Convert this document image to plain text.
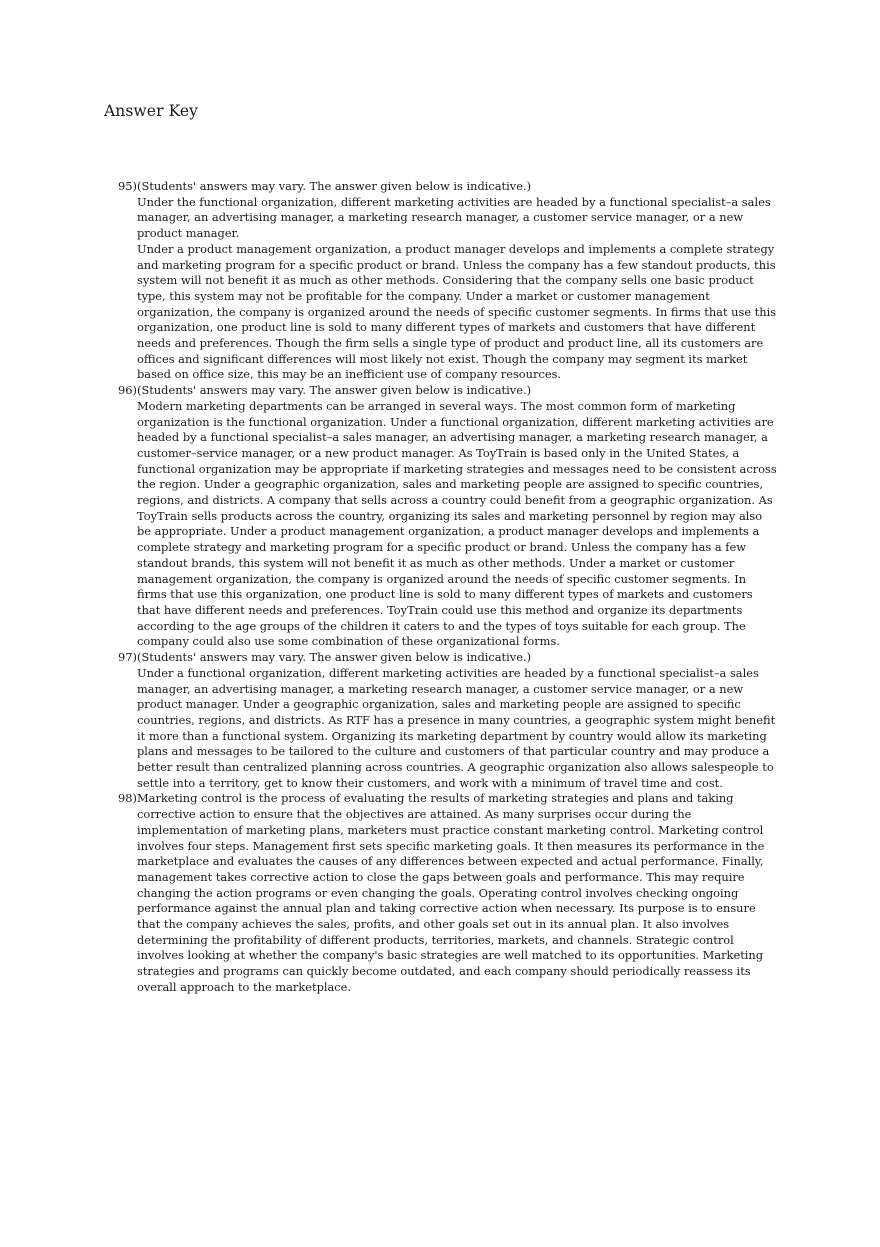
Answer Key
95) (Students' answers may vary. The answer given below is indicative.)

Under the functional organization, different marketing activities are headed by a functional specialist–a sales manager, an advertising manager, a marketing research manager, a customer service manager, or a new product manager.

Under a product management organization, a product manager develops and implements a complete strategy and marketing program for a specific product or brand. Unless the company has a few standout products, this system will not benefit it as much as other methods. Considering that the company sells one basic product type, this system may not be profitable for the company. Under a market or customer management organization, the company is organized around the needs of specific customer segments. In firms that use this organization, one product line is sold to many different types of markets and customers that have different needs and preferences. Though the firm sells a single type of product and product line, all its customers are offices and significant differences will most likely not exist. Though the company may segment its market based on office size, this may be an inefficient use of company resources.

96) (Students' answers may vary. The answer given below is indicative.)

Modern marketing departments can be arranged in several ways. The most common form of marketing organization is the functional organization. Under a functional organization, different marketing activities are headed by a functional specialist–a sales manager, an advertising manager, a marketing research manager, a customer–service manager, or a new product manager. As ToyTrain is based only in the United States, a functional organization may be appropriate if marketing strategies and messages need to be consistent across the region. Under a geographic organization, sales and marketing people are assigned to specific countries, regions, and districts. A company that sells across a country could benefit from a geographic organization. As ToyTrain sells products across the country, organizing its sales and marketing personnel by region may also be appropriate. Under a product management organization, a product manager develops and implements a complete strategy and marketing program for a specific product or brand. Unless the company has a few standout brands, this system will not benefit it as much as other methods. Under a market or customer management organization, the company is organized around the needs of specific customer segments. In firms that use this organization, one product line is sold to many different types of markets and customers that have different needs and preferences. ToyTrain could use this method and organize its departments according to the age groups of the children it caters to and the types of toys suitable for each group. The company could also use some combination of these organizational forms.

97) (Students' answers may vary. The answer given below is indicative.)

Under a functional organization, different marketing activities are headed by a functional specialist–a sales manager, an advertising manager, a marketing research manager, a customer service manager, or a new product manager. Under a geographic organization, sales and marketing people are assigned to specific countries, regions, and districts. As RTF has a presence in many countries, a geographic system might benefit it more than a functional system. Organizing its marketing department by country would allow its marketing plans and messages to be tailored to the culture and customers of that particular country and may produce a better result than centralized planning across countries. A geographic organization also allows salespeople to settle into a territory, get to know their customers, and work with a minimum of travel time and cost.

98) Marketing control is the process of evaluating the results of marketing strategies and plans and taking corrective action to ensure that the objectives are attained. As many surprises occur during the implementation of marketing plans, marketers must practice constant marketing control. Marketing control involves four steps. Management first sets specific marketing goals. It then measures its performance in the marketplace and evaluates the causes of any differences between expected and actual performance. Finally, management takes corrective action to close the gaps between goals and performance. This may require changing the action programs or even changing the goals. Operating control involves checking ongoing performance against the annual plan and taking corrective action when necessary. Its purpose is to ensure that the company achieves the sales, profits, and other goals set out in its annual plan. It also involves determining the profitability of different products, territories, markets, and channels. Strategic control involves looking at whether the company's basic strategies are well matched to its opportunities. Marketing strategies and programs can quickly become outdated, and each company should periodically reassess its overall approach to the marketplace.
